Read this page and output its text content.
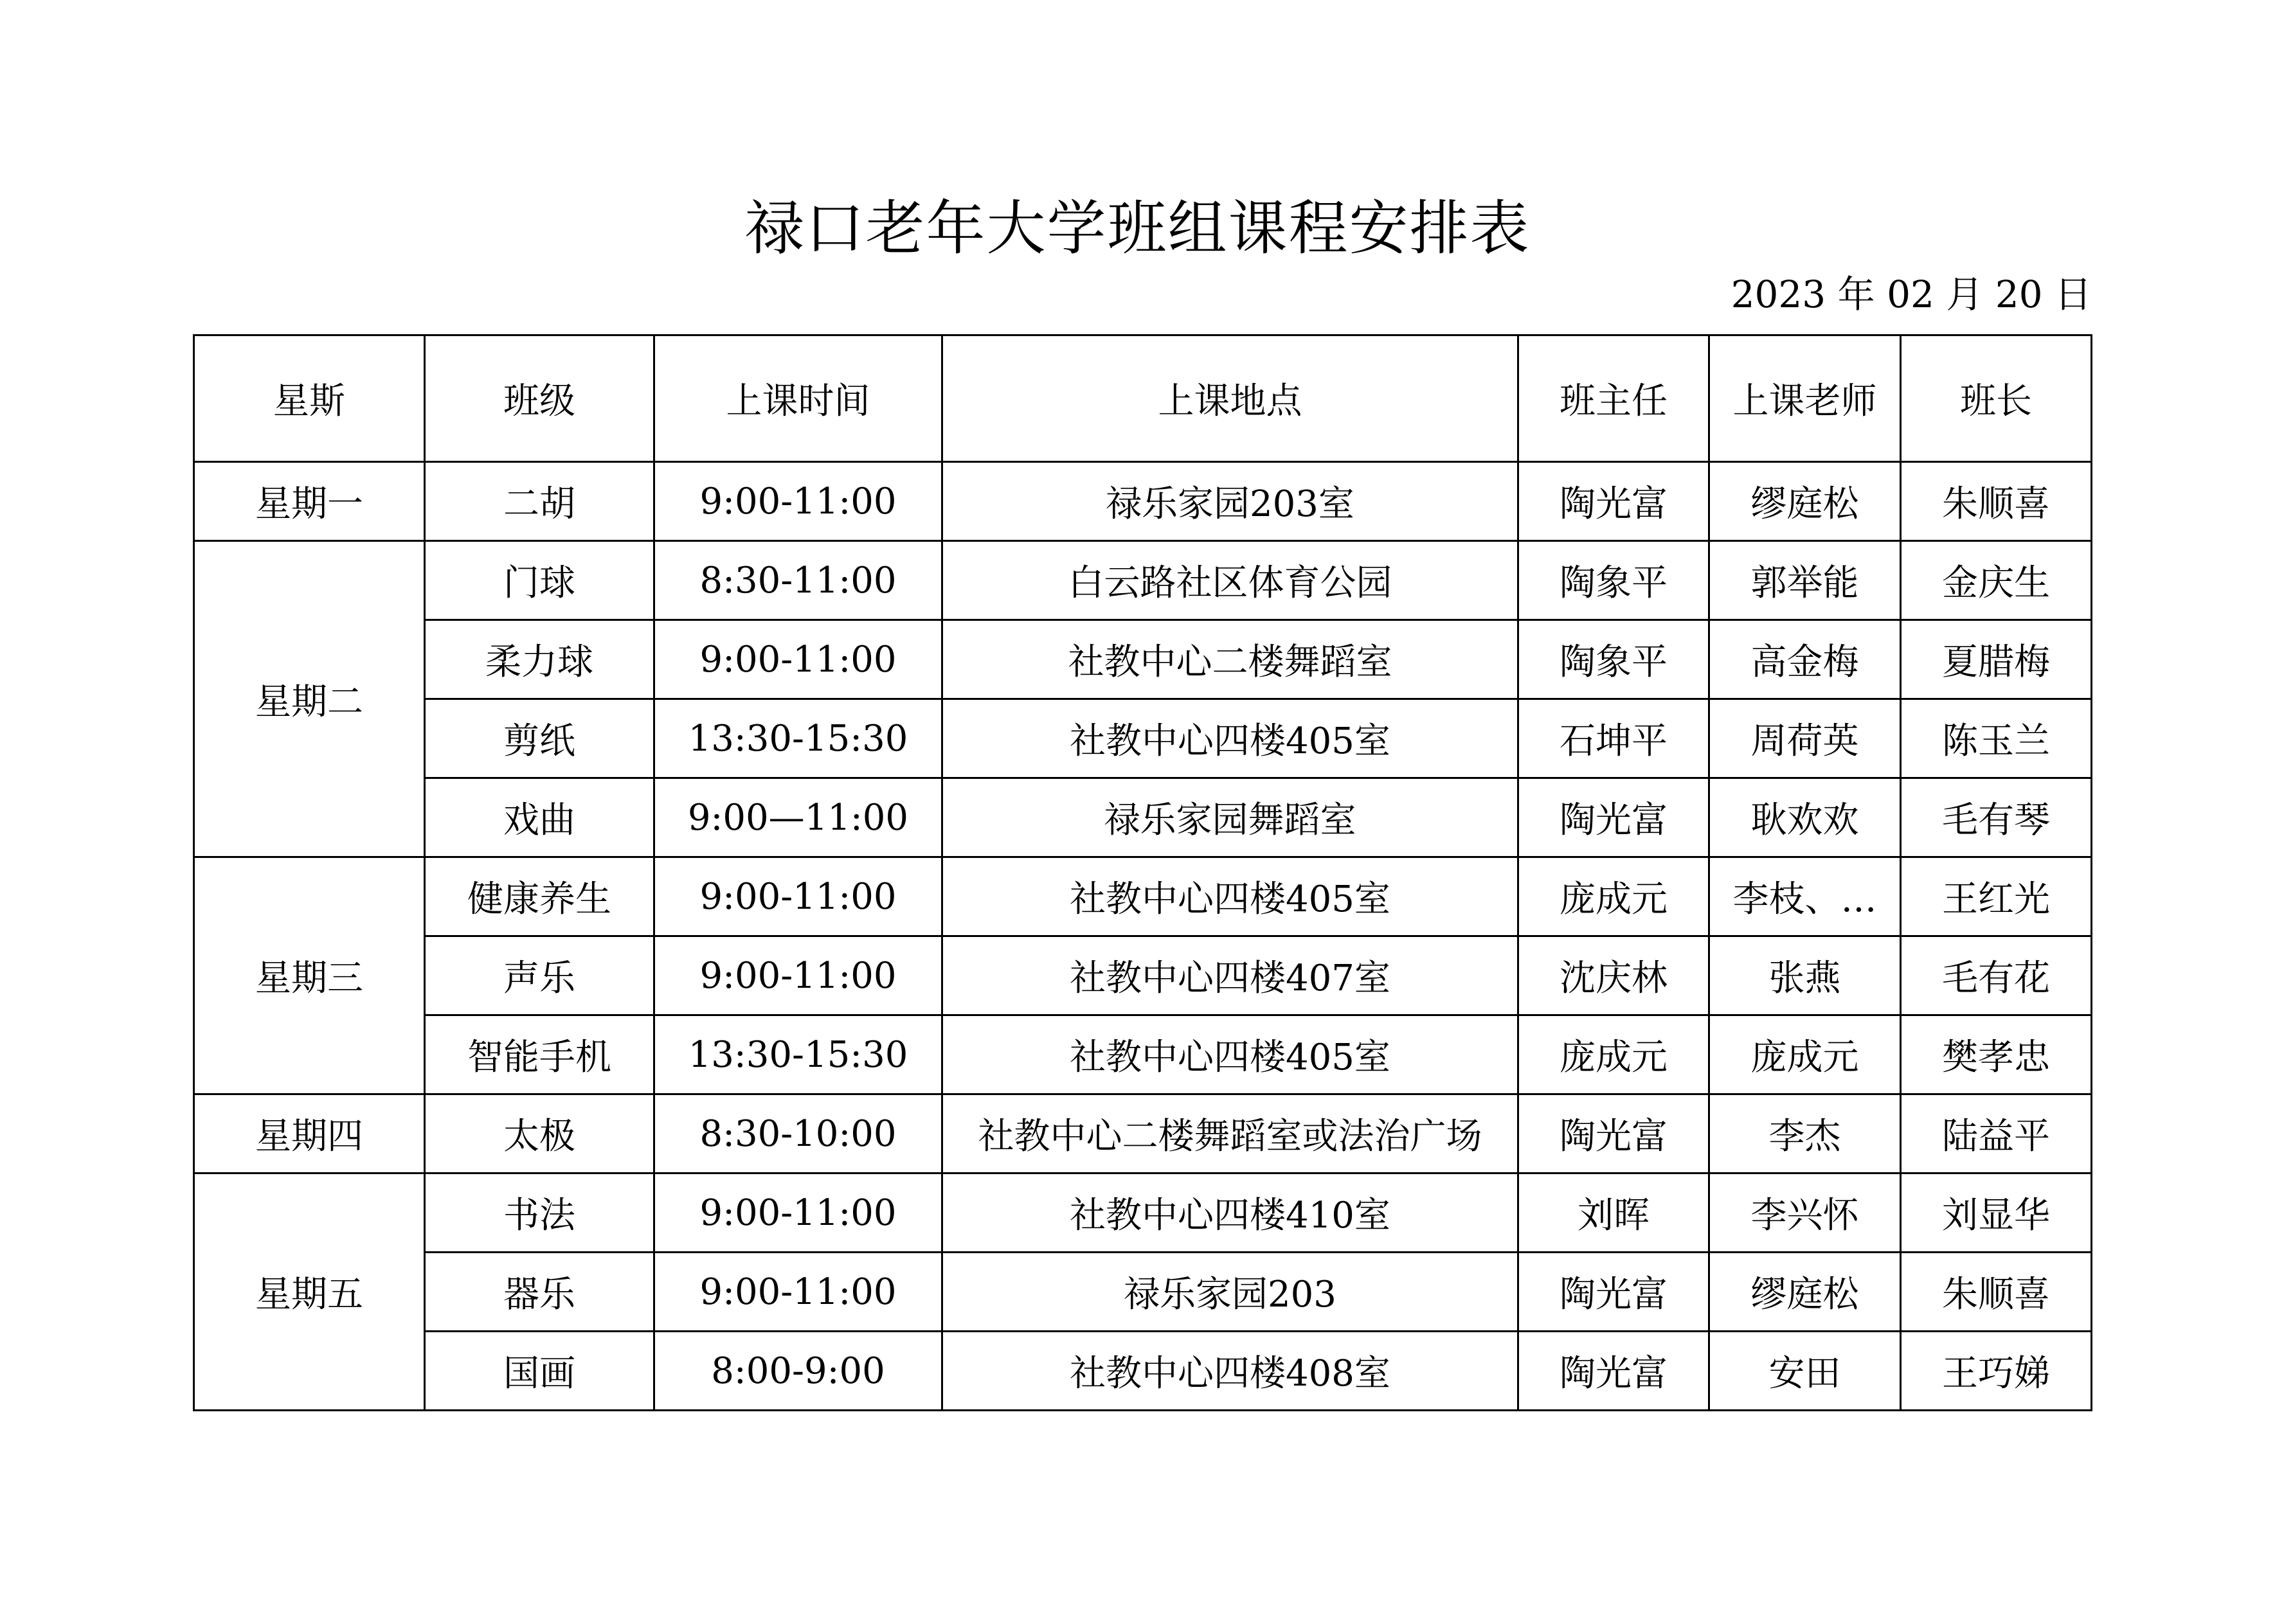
禄口老年大学班组课程安排表
2023 年 02 月 20 日
星斯	班级	上课时间	上课地点	班主任	上课老师	班长
星期一	二胡	9:00-11:00	禄乐家园203室	陶光富	缪庭松	朱顺喜
星期二	门球	8:30-11:00	白云路社区体育公园	陶象平	郭举能	金庆生
	柔力球	9:00-11:00	社教中心二楼舞蹈室	陶象平	高金梅	夏腊梅
	剪纸	13:30-15:30	社教中心四楼405室	石坤平	周荷英	陈玉兰
	戏曲	9:00—11:00	禄乐家园舞蹈室	陶光富	耿欢欢	毛有琴
星期三	健康养生	9:00-11:00	社教中心四楼405室	庞成元	李枝、…	王红光
	声乐	9:00-11:00	社教中心四楼407室	沈庆林	张燕	毛有花
	智能手机	13:30-15:30	社教中心四楼405室	庞成元	庞成元	樊孝忠
星期四	太极	8:30-10:00	社教中心二楼舞蹈室或法治广场	陶光富	李杰	陆益平
星期五	书法	9:00-11:00	社教中心四楼410室	刘晖	李兴怀	刘显华
	器乐	9:00-11:00	禄乐家园203	陶光富	缪庭松	朱顺喜
	国画	8:00-9:00	社教中心四楼408室	陶光富	安田	王巧娣
